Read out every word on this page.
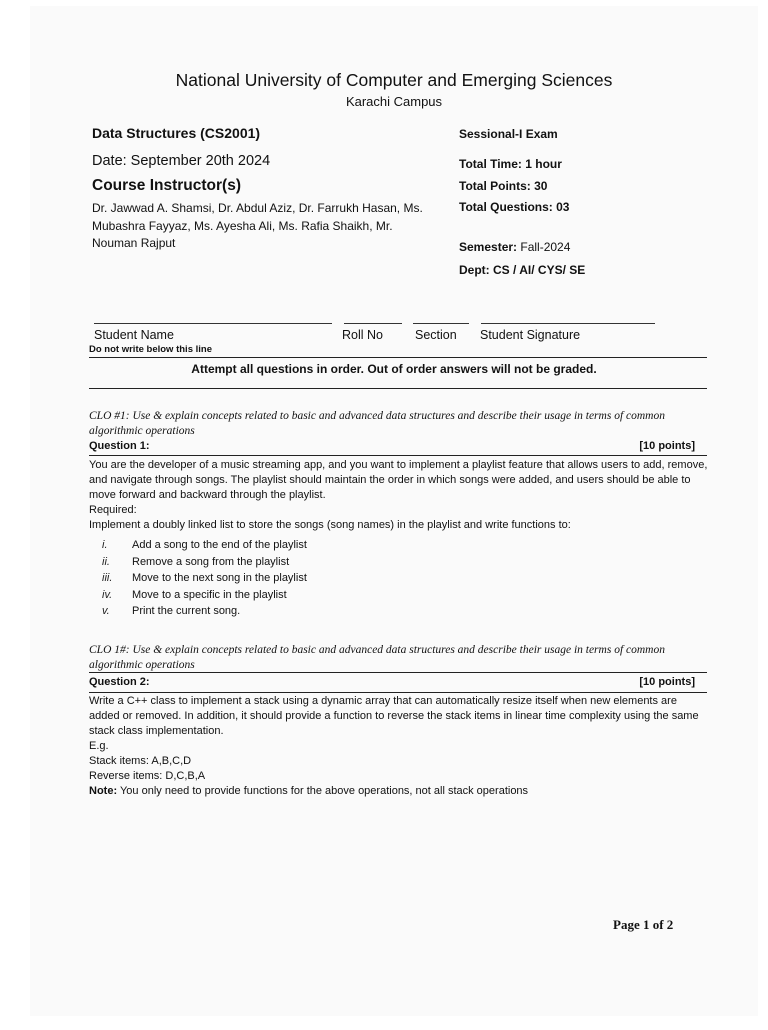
National University of Computer and Emerging Sciences
Karachi Campus
Data Structures (CS2001)
Date: September 20th 2024
Course Instructor(s)
Dr. Jawwad A. Shamsi, Dr. Abdul Aziz, Dr. Farrukh Hasan, Ms. Mubashra Fayyaz, Ms. Ayesha Ali, Ms. Rafia Shaikh, Mr. Nouman Rajput
Sessional-I Exam
Total Time: 1 hour
Total Points: 30
Total Questions: 03
Semester: Fall-2024
Dept: CS / AI/ CYS/ SE
Student Name	Roll No	Section Student Signature
Do not write below this line
Attempt all questions in order. Out of order answers will not be graded.
CLO #1: Use & explain concepts related to basic and advanced data structures and describe their usage in terms of common algorithmic operations
Question 1:	[10 points]

You are the developer of a music streaming app, and you want to implement a playlist feature that allows users to add, remove, and navigate through songs. The playlist should maintain the order in which songs were added, and users should be able to move forward and backward through the playlist.

Required:

Implement a doubly linked list to store the songs (song names) in the playlist and write functions to:

i. Add a song to the end of the playlist
ii. Remove a song from the playlist
iii. Move to the next song in the playlist
iv. Move to a specific in the playlist
v. Print the current song.
CLO 1#: Use & explain concepts related to basic and advanced data structures and describe their usage in terms of common algorithmic operations
Question 2:	[10 points]

Write a C++ class to implement a stack using a dynamic array that can automatically resize itself when new elements are added or removed. In addition, it should provide a function to reverse the stack items in linear time complexity using the same stack class implementation.

E.g.

Stack items: A,B,C,D

Reverse items: D,C,B,A

Note: You only need to provide functions for the above operations, not all stack operations

Page 1 of 2
